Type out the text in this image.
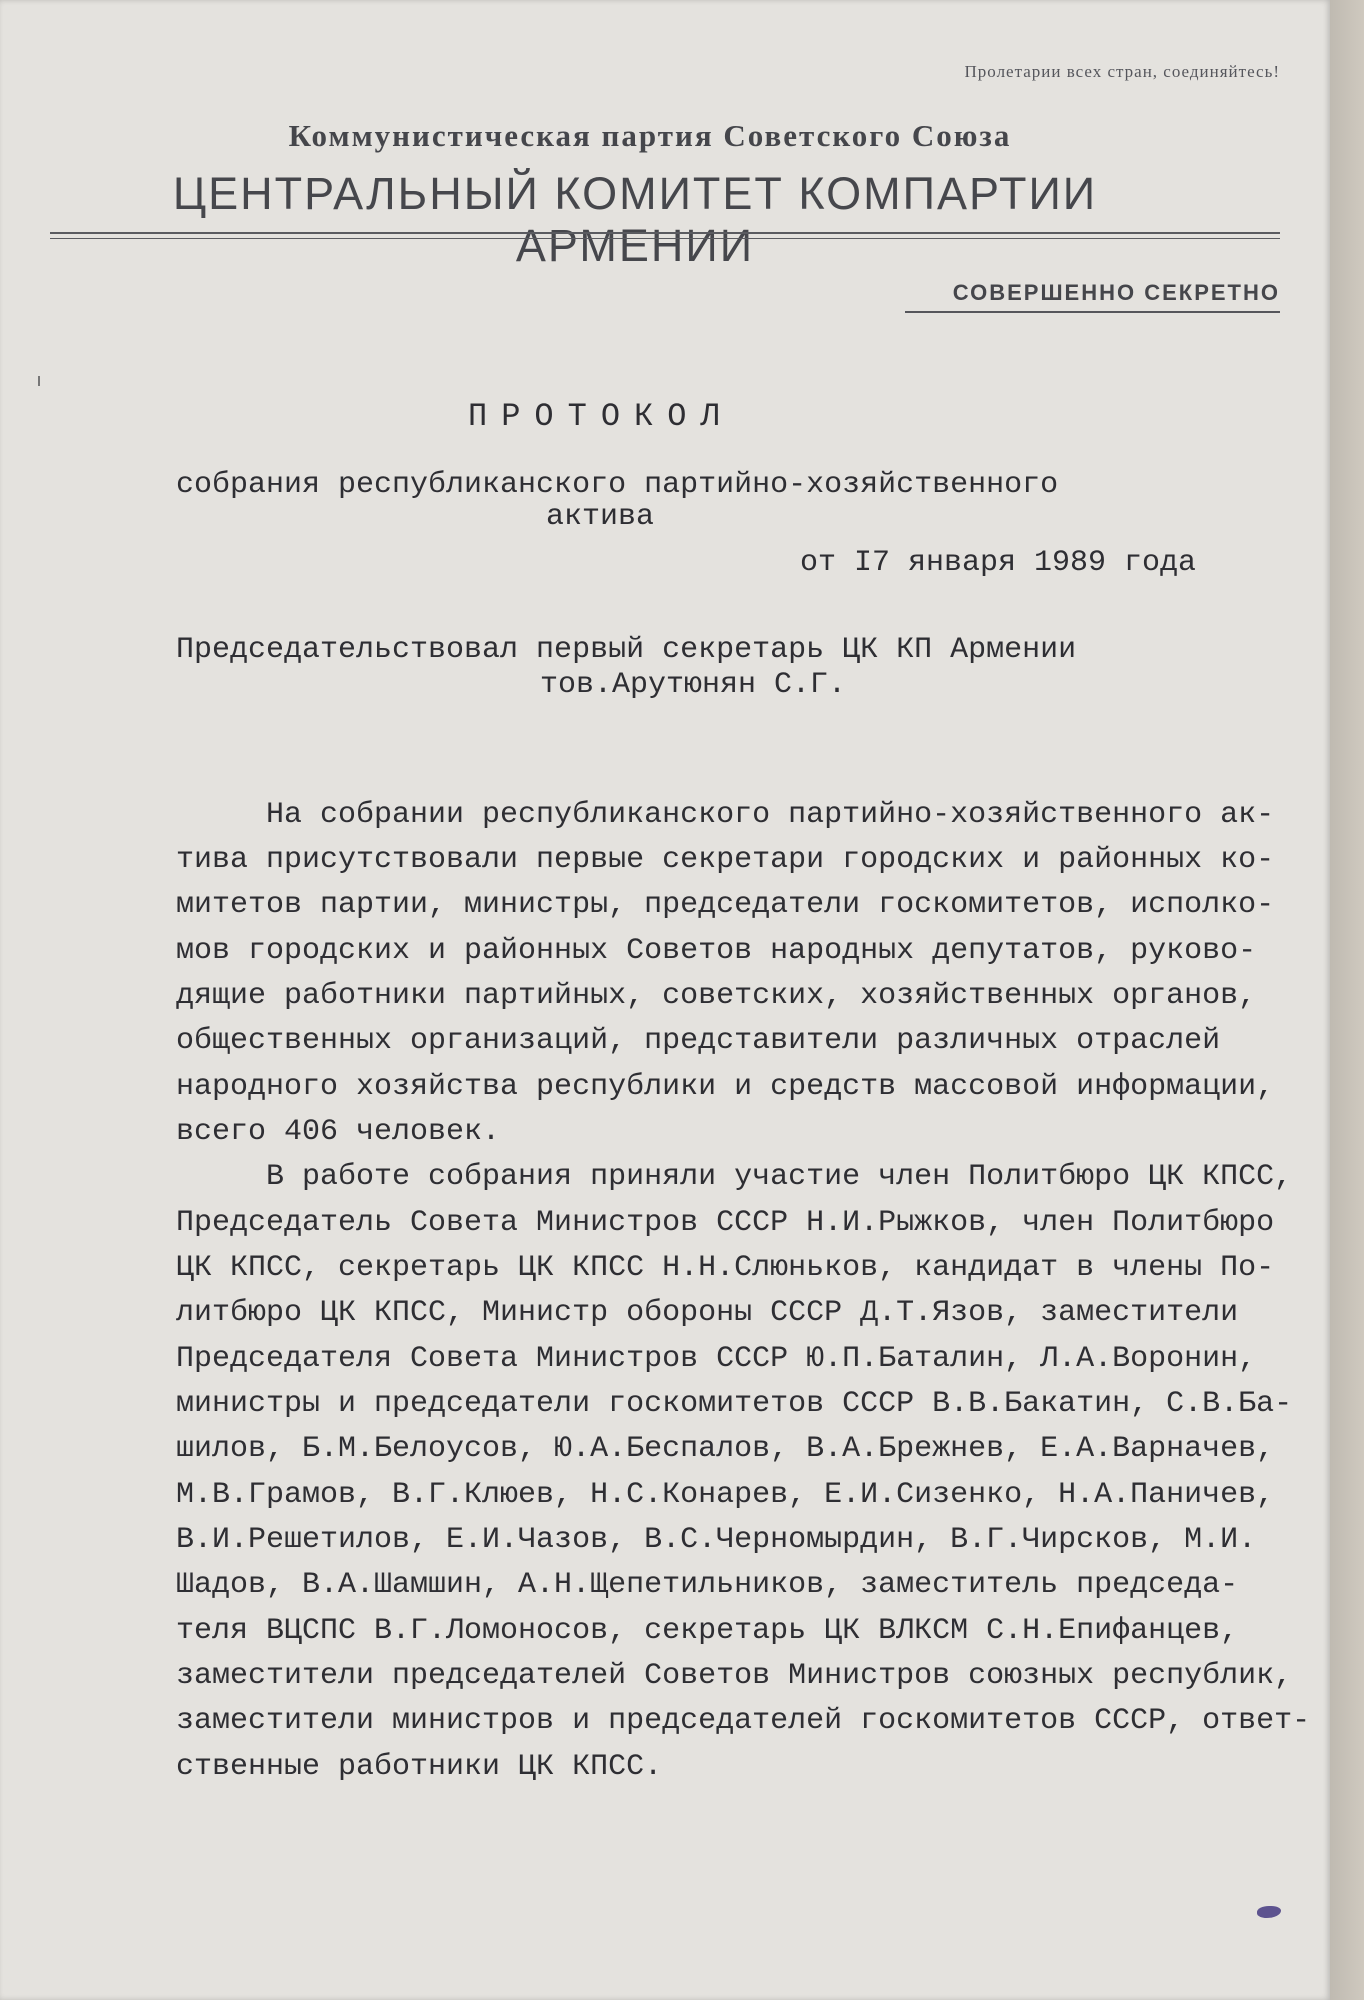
Пролетарии всех стран, соединяйтесь!
Коммунистическая партия Советского Союза
ЦЕНТРАЛЬНЫЙ КОМИТЕТ КОМПАРТИИ АРМЕНИИ
СОВЕРШЕННО СЕКРЕТНО
ПРОТОКОЛ
собрания республиканского партийно-хозяйственного
актива
от I7 января 1989 года
Председательствовал первый секретарь ЦК КП Армении
тов.Арутюнян С.Г.
На собрании республиканского партийно-хозяйственного ак-
тива присутствовали первые секретари городских и районных ко-
митетов партии, министры, председатели госкомитетов, исполко-
мов городских и районных Советов народных депутатов, руково-
дящие работники партийных, советских, хозяйственных органов,
общественных организаций, представители различных отраслей
народного хозяйства республики и средств массовой информации,
всего 406 человек.
В работе собрания приняли участие член Политбюро ЦК КПСС,
Председатель Совета Министров СССР Н.И.Рыжков, член Политбюро
ЦК КПСС, секретарь ЦК КПСС Н.Н.Слюньков, кандидат в члены По-
литбюро ЦК КПСС, Министр обороны СССР Д.Т.Язов, заместители
Председателя Совета Министров СССР Ю.П.Баталин, Л.А.Воронин,
министры и председатели госкомитетов СССР В.В.Бакатин, С.В.Ба-
шилов, Б.М.Белоусов, Ю.А.Беспалов, В.А.Брежнев, Е.А.Варначев,
М.В.Грамов, В.Г.Клюев, Н.С.Конарев, Е.И.Сизенко, Н.А.Паничев,
В.И.Решетилов, Е.И.Чазов, В.С.Черномырдин, В.Г.Чирсков, М.И.
Шадов, В.А.Шамшин, А.Н.Щепетильников, заместитель председа-
теля ВЦСПС В.Г.Ломоносов, секретарь ЦК ВЛКСМ С.Н.Епифанцев,
заместители председателей Советов Министров союзных республик,
заместители министров и председателей госкомитетов СССР, ответ-
ственные работники ЦК КПСС.
